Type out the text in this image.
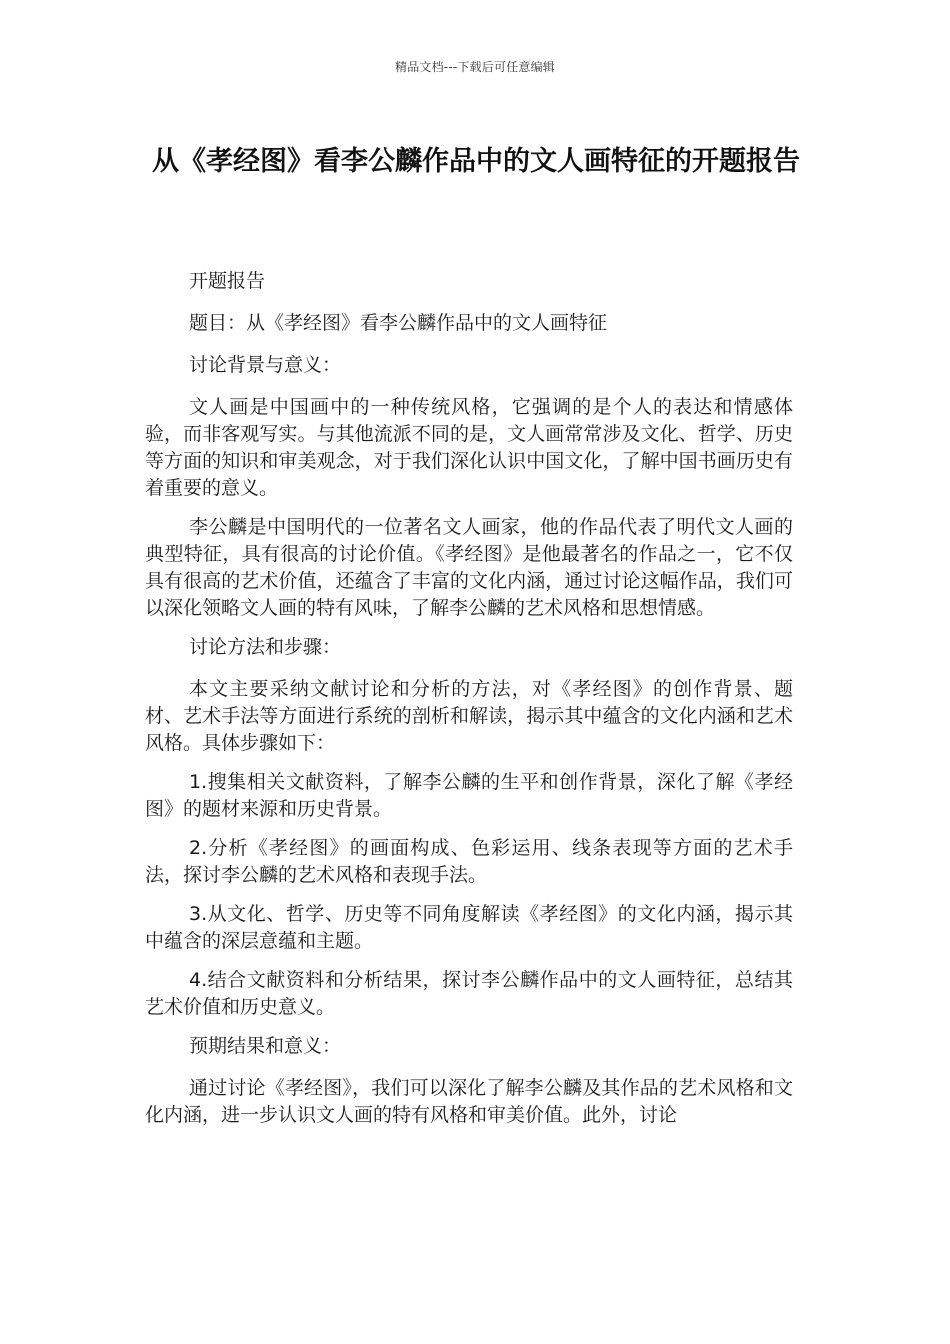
精品文档---下载后可任意编辑
从《孝经图》看李公麟作品中的文人画特征的开题报告

开题报告

题目：从《孝经图》看李公麟作品中的文人画特征

讨论背景与意义：

文人画是中国画中的一种传统风格，它强调的是个人的表达和情感体验，而非客观写实。与其他流派不同的是，文人画常常涉及文化、哲学、历史等方面的知识和审美观念，对于我们深化认识中国文化，了解中国书画历史有着重要的意义。

李公麟是中国明代的一位著名文人画家，他的作品代表了明代文人画的典型特征，具有很高的讨论价值。《孝经图》是他最著名的作品之一，它不仅具有很高的艺术价值，还蕴含了丰富的文化内涵，通过讨论这幅作品，我们可以深化领略文人画的特有风味，了解李公麟的艺术风格和思想情感。

讨论方法和步骤：

本文主要采纳文献讨论和分析的方法，对《孝经图》的创作背景、题材、艺术手法等方面进行系统的剖析和解读，揭示其中蕴含的文化内涵和艺术风格。具体步骤如下：

1.搜集相关文献资料，了解李公麟的生平和创作背景，深化了解《孝经图》的题材来源和历史背景。

2.分析《孝经图》的画面构成、色彩运用、线条表现等方面的艺术手法，探讨李公麟的艺术风格和表现手法。

3.从文化、哲学、历史等不同角度解读《孝经图》的文化内涵，揭示其中蕴含的深层意蕴和主题。

4.结合文献资料和分析结果，探讨李公麟作品中的文人画特征，总结其艺术价值和历史意义。

预期结果和意义：

通过讨论《孝经图》，我们可以深化了解李公麟及其作品的艺术风格和文化内涵，进一步认识文人画的特有风格和审美价值。此外，讨论
